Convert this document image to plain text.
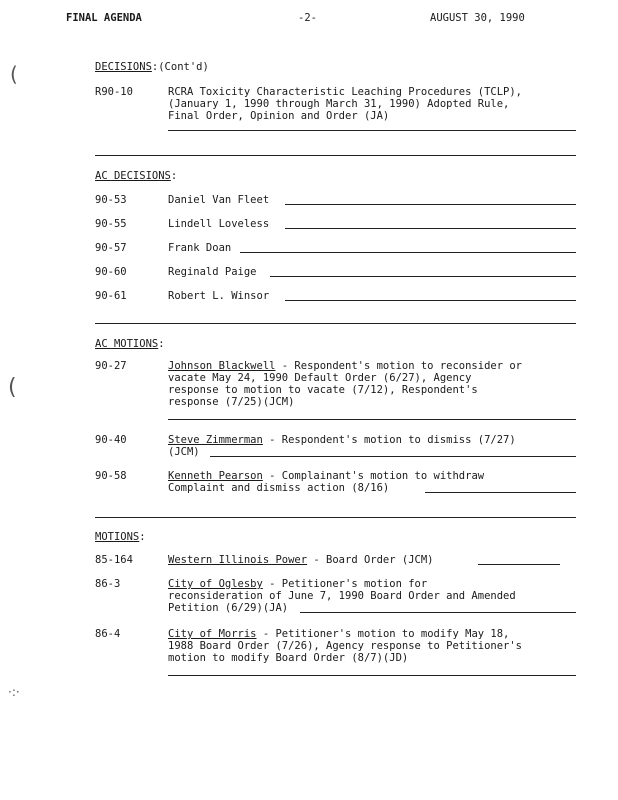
FINAL AGENDA	-2-	AUGUST 30, 1990
(
(
·:·
DECISIONS:(Cont'd)
R90-10	RCRA Toxicity Characteristic Leaching Procedures (TCLP),
(January 1, 1990 through March 31, 1990) Adopted Rule,
Final Order, Opinion and Order (JA)
AC DECISIONS:
90-53	Daniel Van Fleet
90-55	Lindell Loveless
90-57	Frank Doan
90-60	Reginald Paige
90-61	Robert L. Winsor
AC MOTIONS:
90-27	Johnson Blackwell - Respondent's motion to reconsider or
vacate May 24, 1990 Default Order (6/27), Agency
response to motion to vacate (7/12), Respondent's
response (7/25)(JCM)
90-40	Steve Zimmerman - Respondent's motion to dismiss (7/27)
(JCM)
90-58	Kenneth Pearson - Complainant's motion to withdraw
Complaint and dismiss action (8/16)
MOTIONS:
85-164	Western Illinois Power - Board Order (JCM)
86-3	City of Oglesby - Petitioner's motion for
reconsideration of June 7, 1990 Board Order and Amended
Petition (6/29)(JA)
86-4	City of Morris - Petitioner's motion to modify May 18,
1988 Board Order (7/26), Agency response to Petitioner's
motion to modify Board Order (8/7)(JD)
